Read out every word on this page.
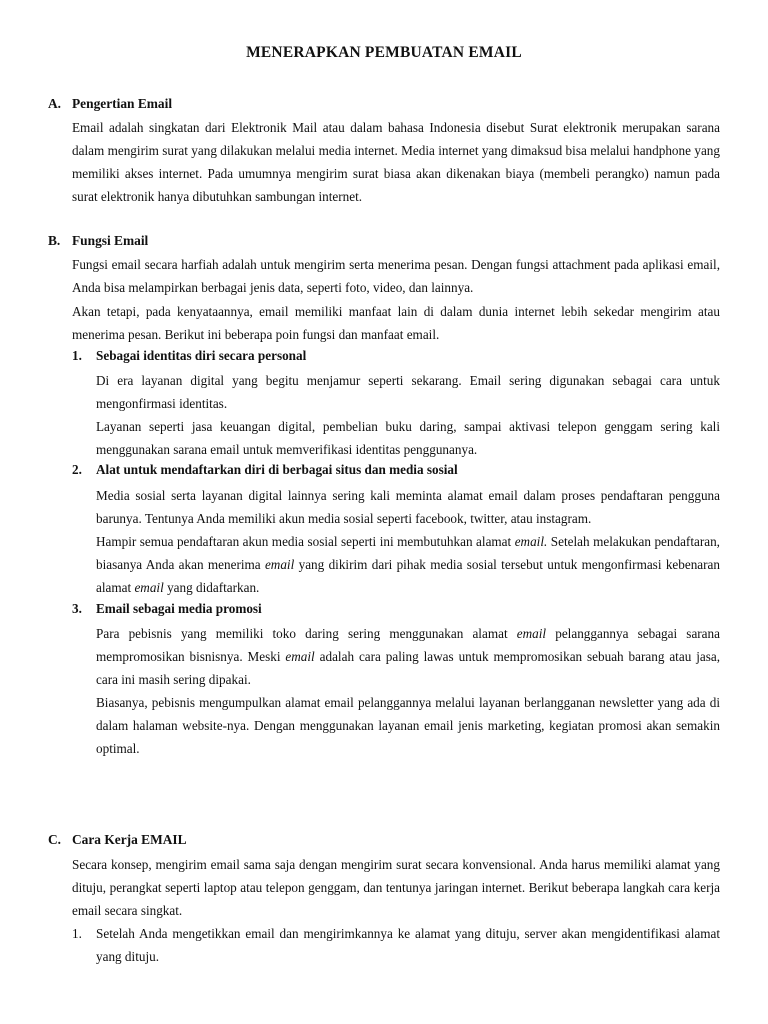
MENERAPKAN PEMBUATAN EMAIL
A. Pengertian Email
Email adalah singkatan dari Elektronik Mail atau dalam bahasa Indonesia disebut Surat elektronik merupakan sarana dalam mengirim surat yang dilakukan melalui media internet. Media internet yang dimaksud bisa melalui handphone yang memiliki akses internet. Pada umumnya mengirim surat biasa akan dikenakan biaya (membeli perangko) namun pada surat elektronik hanya dibutuhkan sambungan internet.
B. Fungsi Email
Fungsi email secara harfiah adalah untuk mengirim serta menerima pesan. Dengan fungsi attachment pada aplikasi email, Anda bisa melampirkan berbagai jenis data, seperti foto, video, dan lainnya.
Akan tetapi, pada kenyataannya, email memiliki manfaat lain di dalam dunia internet lebih sekedar mengirim atau menerima pesan. Berikut ini beberapa poin fungsi dan manfaat email.
1. Sebagai identitas diri secara personal
Di era layanan digital yang begitu menjamur seperti sekarang. Email sering digunakan sebagai cara untuk mengonfirmasi identitas.
Layanan seperti jasa keuangan digital, pembelian buku daring, sampai aktivasi telepon genggam sering kali menggunakan sarana email untuk memverifikasi identitas penggunanya.
2. Alat untuk mendaftarkan diri di berbagai situs dan media sosial
Media sosial serta layanan digital lainnya sering kali meminta alamat email dalam proses pendaftaran pengguna barunya. Tentunya Anda memiliki akun media sosial seperti facebook, twitter, atau instagram.
Hampir semua pendaftaran akun media sosial seperti ini membutuhkan alamat email. Setelah melakukan pendaftaran, biasanya Anda akan menerima email yang dikirim dari pihak media sosial tersebut untuk mengonfirmasi kebenaran alamat email yang didaftarkan.
3. Email sebagai media promosi
Para pebisnis yang memiliki toko daring sering menggunakan alamat email pelanggannya sebagai sarana mempromosikan bisnisnya. Meski email adalah cara paling lawas untuk mempromosikan sebuah barang atau jasa, cara ini masih sering dipakai.
Biasanya, pebisnis mengumpulkan alamat email pelanggannya melalui layanan berlangganan newsletter yang ada di dalam halaman website-nya. Dengan menggunakan layanan email jenis marketing, kegiatan promosi akan semakin optimal.
C. Cara Kerja EMAIL
Secara konsep, mengirim email sama saja dengan mengirim surat secara konvensional. Anda harus memiliki alamat yang dituju, perangkat seperti laptop atau telepon genggam, dan tentunya jaringan internet. Berikut beberapa langkah cara kerja email secara singkat.
1. Setelah Anda mengetikkan email dan mengirimkannya ke alamat yang dituju, server akan mengidentifikasi alamat yang dituju.
